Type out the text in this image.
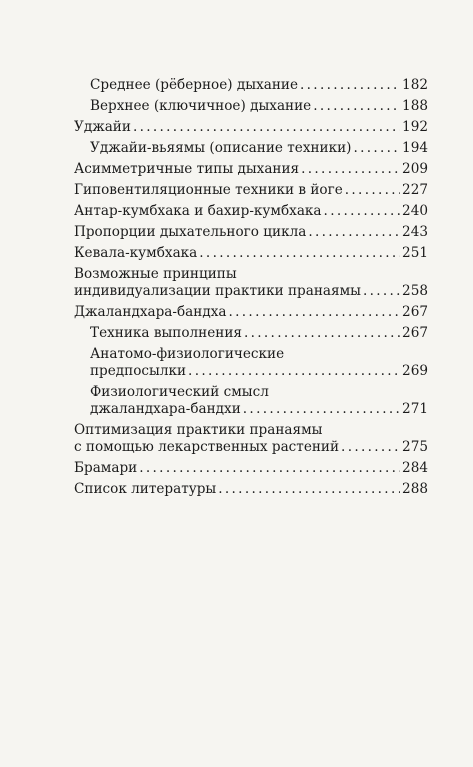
Среднее (рёберное) дыхание . . .	182
Верхнее (ключичное) дыхание . . .	188
Уджайи . . .	192
Уджайи-вьяямы (описание техники) . . .	194
Асимметричные типы дыхания . . .	209
Гиповентиляционные техники в йоге . . .	227
Антар-кумбхака и бахир-кумбхака . . .	240
Пропорции дыхательного цикла . . .	243
Кевала-кумбхака . . .	251
Возможные принципы
индивидуализации практики пранаямы . . .	258
Джаландхара-бандха . . .	267
Техника выполнения . . .	267
Анатомо-физиологические
предпосылки . . .	269
Физиологический смысл
джаландхара-бандхи . . .	271
Оптимизация практики пранаямы
с помощью лекарственных растений . . .	275
Брамари . . .	284
Список литературы . . .	288
